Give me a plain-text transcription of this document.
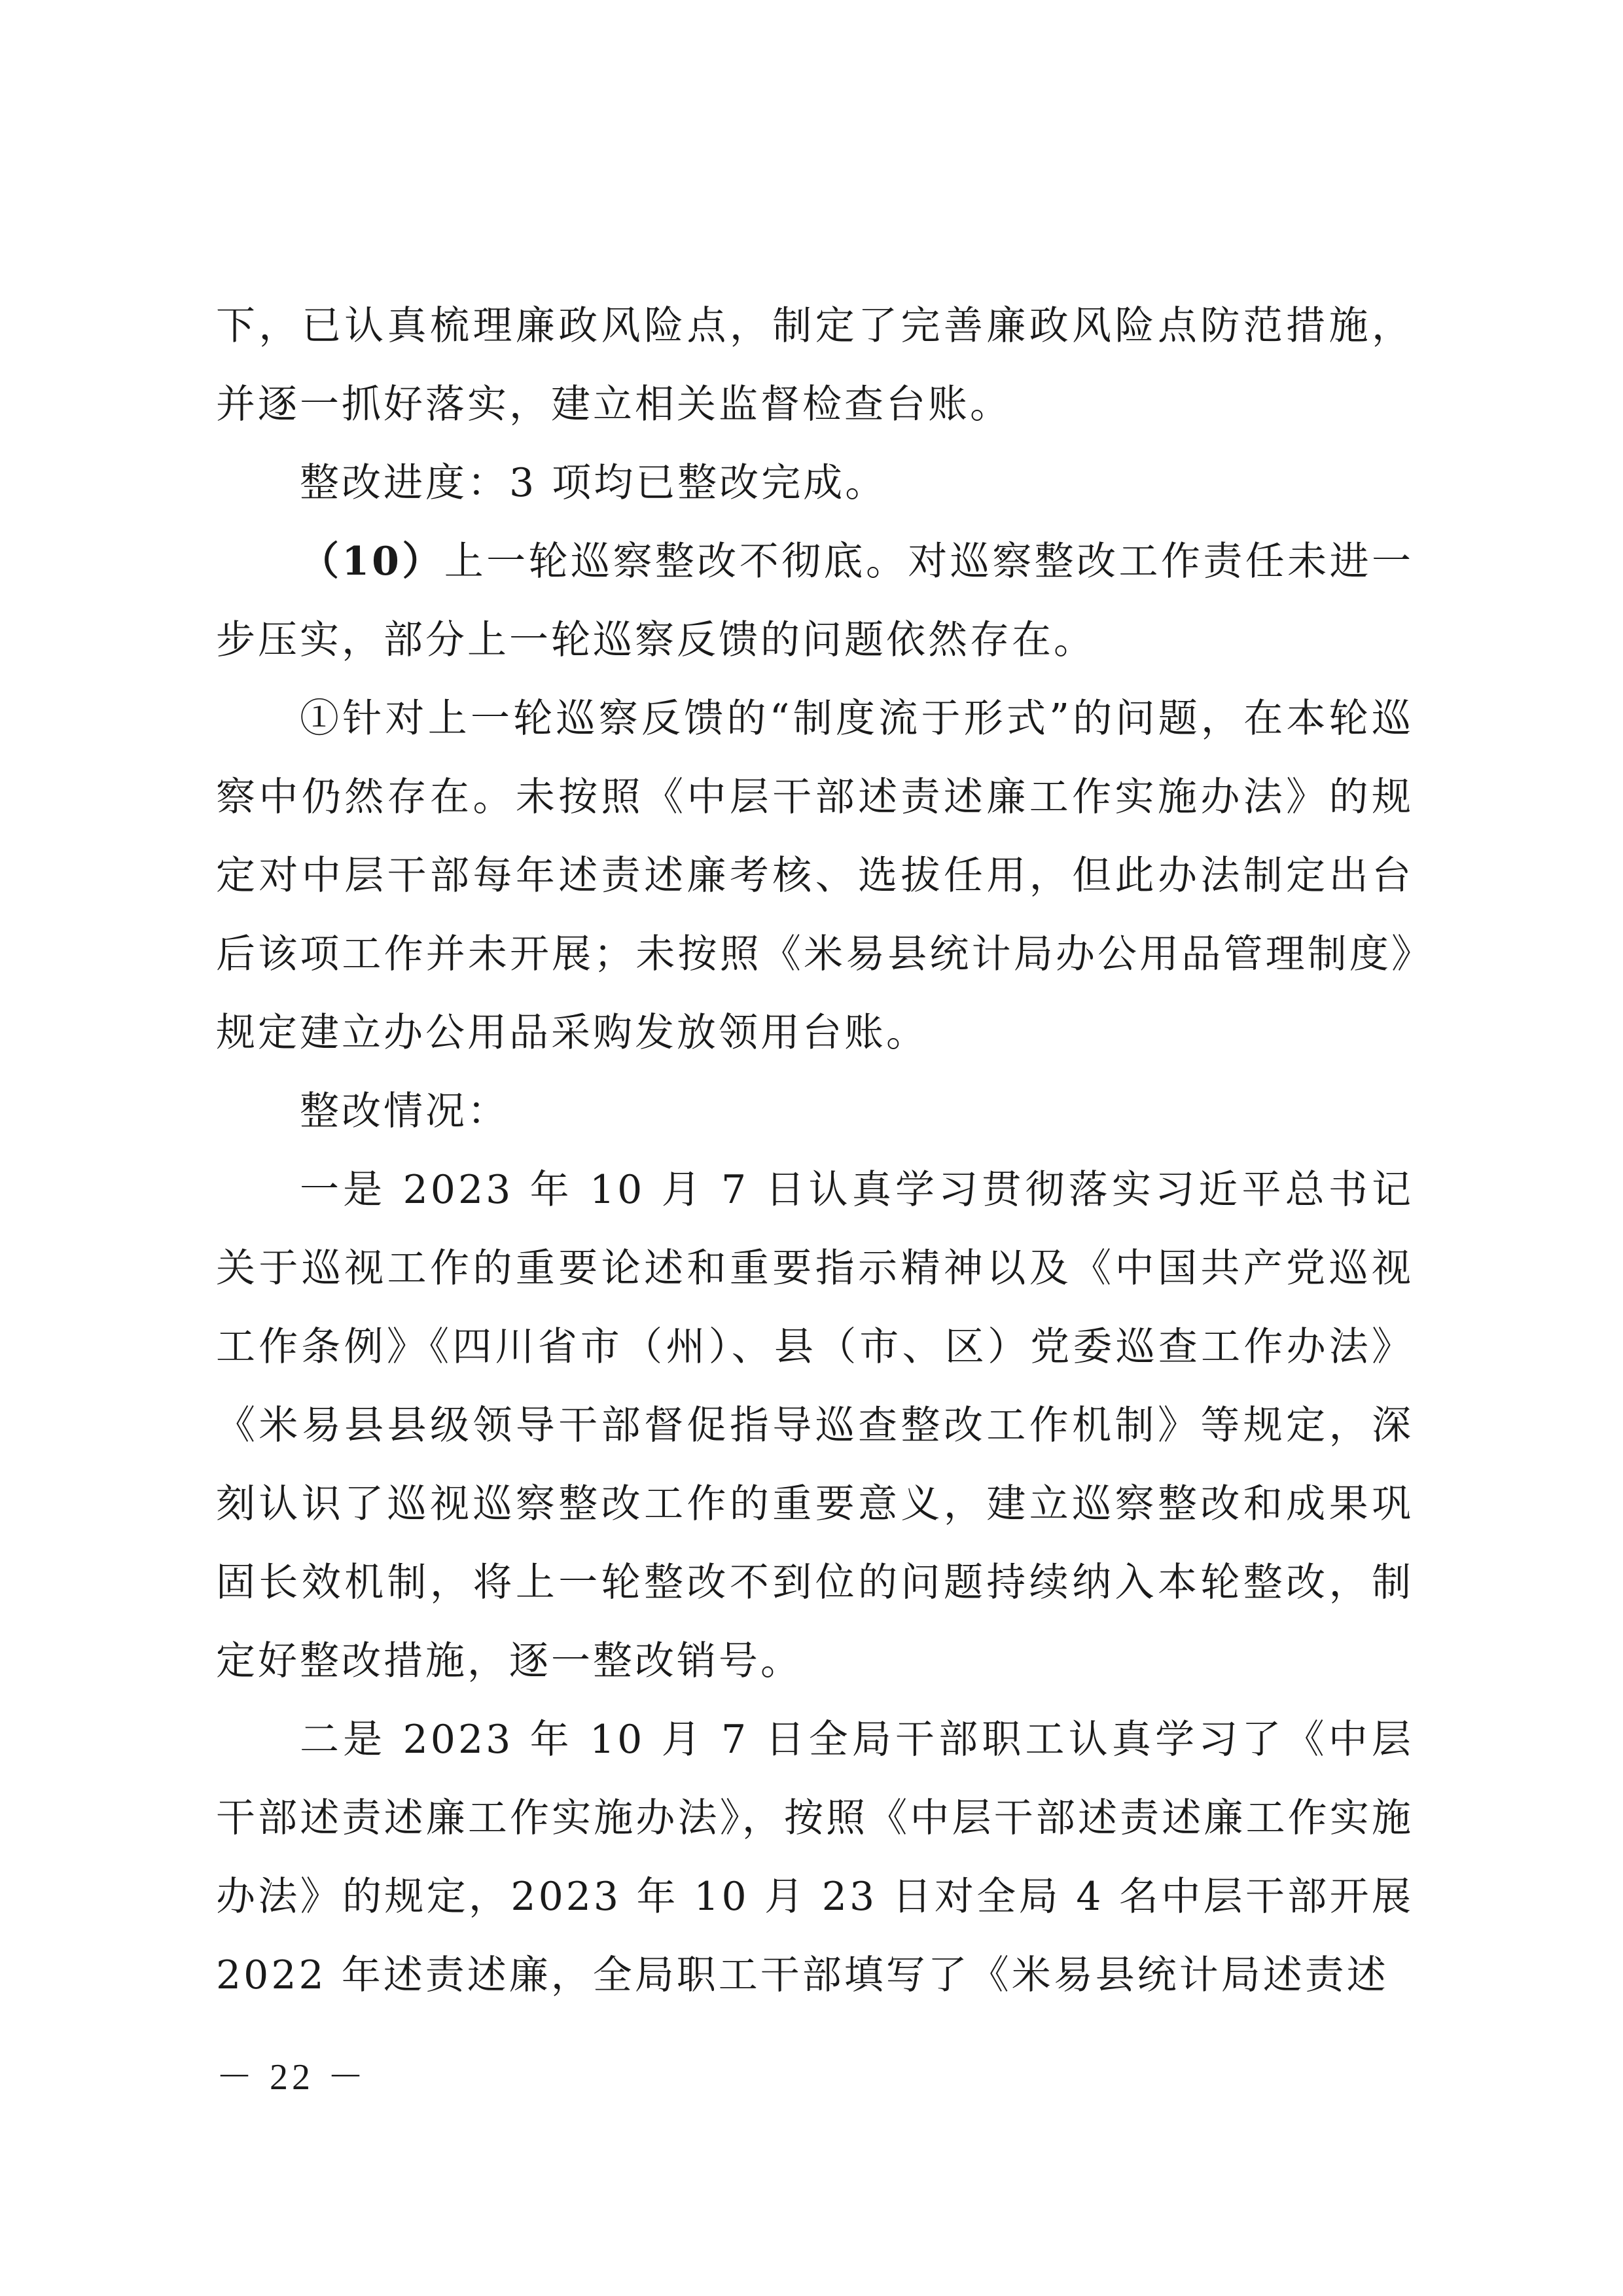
下，已认真梳理廉政风险点，制定了完善廉政风险点防范措施，并逐一抓好落实，建立相关监督检查台账。

整改进度：3 项均已整改完成。

（10）上一轮巡察整改不彻底。对巡察整改工作责任未进一步压实，部分上一轮巡察反馈的问题依然存在。

①针对上一轮巡察反馈的“制度流于形式”的问题，在本轮巡察中仍然存在。未按照《中层干部述责述廉工作实施办法》的规定对中层干部每年述责述廉考核、选拔任用，但此办法制定出台后该项工作并未开展；未按照《米易县统计局办公用品管理制度》规定建立办公用品采购发放领用台账。

整改情况：

一是 2023 年 10 月 7 日认真学习贯彻落实习近平总书记关于巡视工作的重要论述和重要指示精神以及《中国共产党巡视工作条例》《四川省市（州）、县（市、区）党委巡查工作办法》《米易县县级领导干部督促指导巡查整改工作机制》等规定，深刻认识了巡视巡察整改工作的重要意义，建立巡察整改和成果巩固长效机制，将上一轮整改不到位的问题持续纳入本轮整改，制定好整改措施，逐一整改销号。

二是 2023 年 10 月 7 日全局干部职工认真学习了《中层干部述责述廉工作实施办法》，按照《中层干部述责述廉工作实施办法》的规定，2023 年 10 月 23 日对全局 4 名中层干部开展 2022 年述责述廉，全局职工干部填写了《米易县统计局述责述

－ 22 －
